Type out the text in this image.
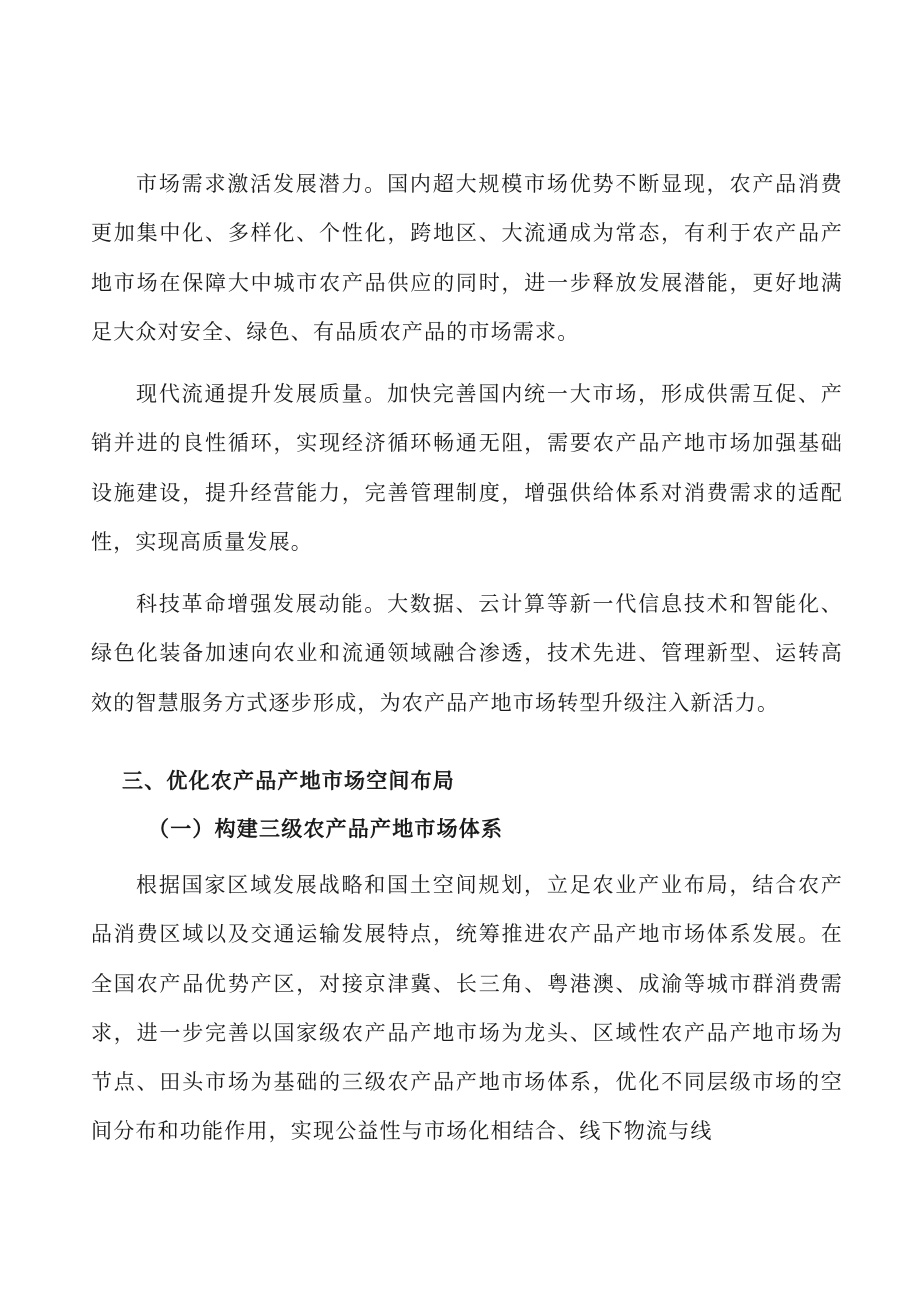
市场需求激活发展潜力。国内超大规模市场优势不断显现，农产品消费更加集中化、多样化、个性化，跨地区、大流通成为常态，有利于农产品产地市场在保障大中城市农产品供应的同时，进一步释放发展潜能，更好地满足大众对安全、绿色、有品质农产品的市场需求。

现代流通提升发展质量。加快完善国内统一大市场，形成供需互促、产销并进的良性循环，实现经济循环畅通无阻，需要农产品产地市场加强基础设施建设，提升经营能力，完善管理制度，增强供给体系对消费需求的适配性，实现高质量发展。

科技革命增强发展动能。大数据、云计算等新一代信息技术和智能化、绿色化装备加速向农业和流通领域融合渗透，技术先进、管理新型、运转高效的智慧服务方式逐步形成，为农产品产地市场转型升级注入新活力。

三、优化农产品产地市场空间布局
（一）构建三级农产品产地市场体系

根据国家区域发展战略和国土空间规划，立足农业产业布局，结合农产品消费区域以及交通运输发展特点，统筹推进农产品产地市场体系发展。在全国农产品优势产区，对接京津冀、长三角、粤港澳、成渝等城市群消费需求，进一步完善以国家级农产品产地市场为龙头、区域性农产品产地市场为节点、田头市场为基础的三级农产品产地市场体系，优化不同层级市场的空间分布和功能作用，实现公益性与市场化相结合、线下物流与线
